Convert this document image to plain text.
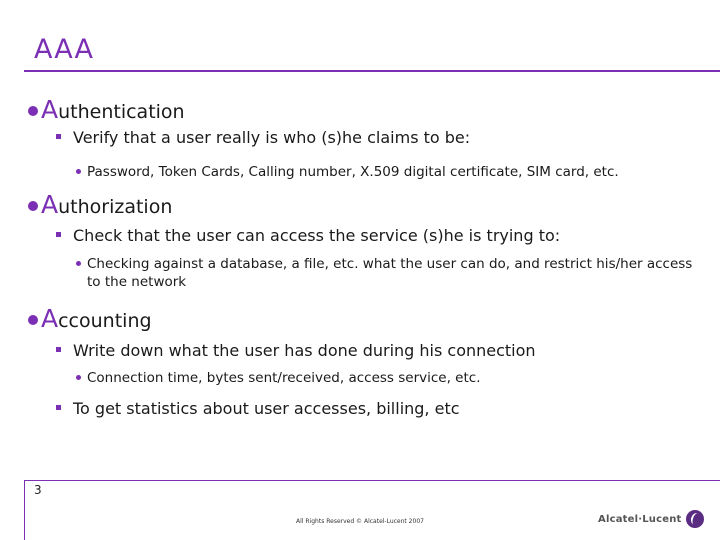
AAA
A uthentication
Verify that a user really is who (s)he claims to be:
Password, Token Cards, Calling number, X.509 digital certificate, SIM card, etc.
A uthorization
Check that the user can access the service (s)he is trying to:
Checking against a database, a file, etc. what the user can do, and restrict his/her access to the network
A ccounting
Write down what the user has done during his connection
Connection time, bytes sent/received, access service, etc.
To get statistics about user accesses, billing, etc
3
All Rights Reserved © Alcatel-Lucent 2007	Alcatel·Lucent
